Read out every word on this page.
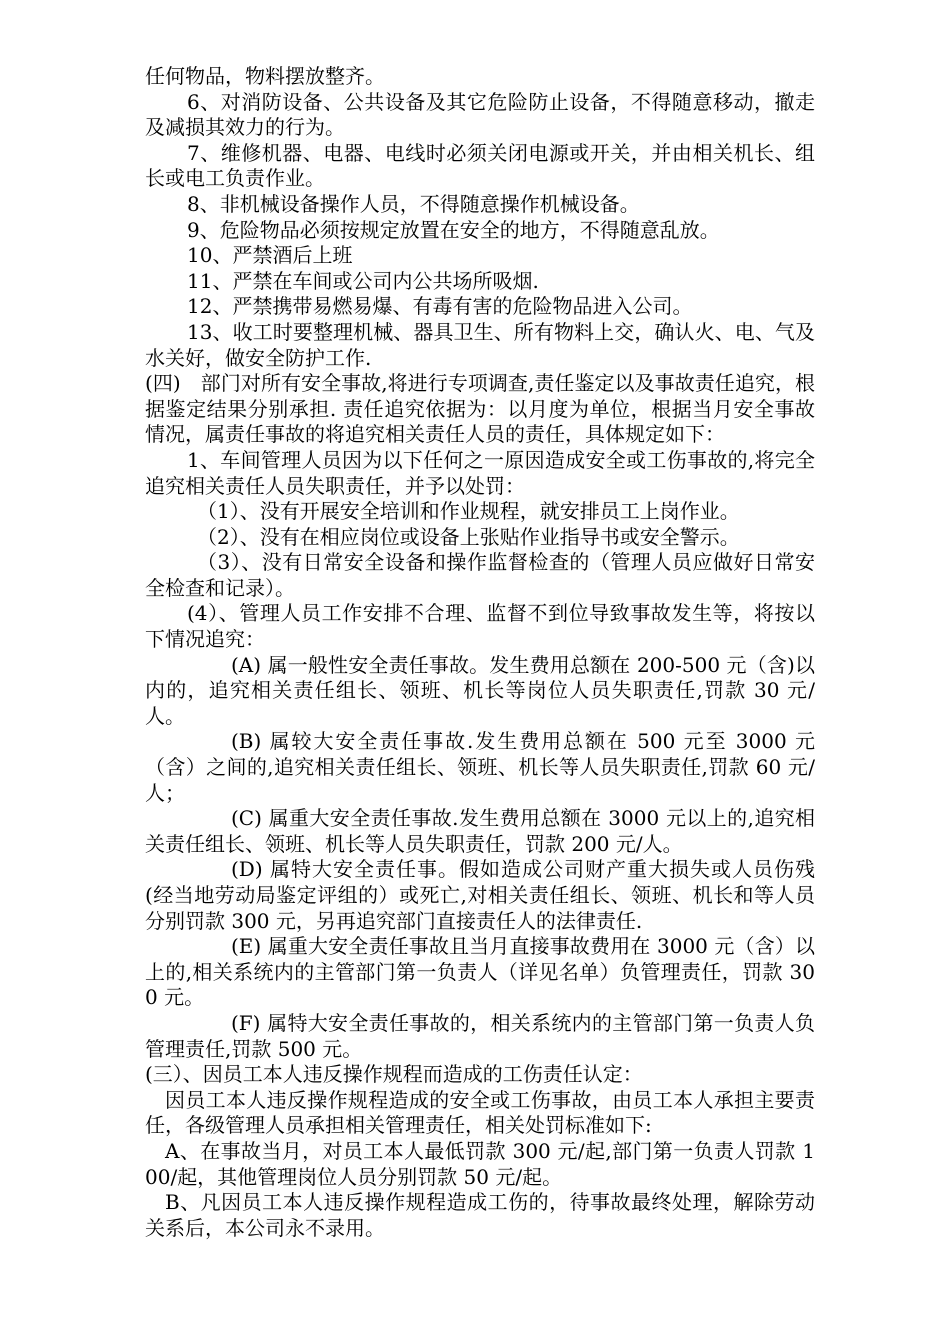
任何物品，物料摆放整齐。

6、对消防设备、公共设备及其它危险防止设备，不得随意移动，撤走及减损其效力的行为。

7、维修机器、电器、电线时必须关闭电源或开关，并由相关机长、组长或电工负责作业。

8、非机械设备操作人员，不得随意操作机械设备。

9、危险物品必须按规定放置在安全的地方，不得随意乱放。

10、严禁酒后上班

11、严禁在车间或公司内公共场所吸烟.

12、严禁携带易燃易爆、有毒有害的危险物品进入公司。

13、收工时要整理机械、器具卫生、所有物料上交，确认火、电、气及水关好，做安全防护工作.

(四)　部门对所有安全事故,将进行专项调查,责任鉴定以及事故责任追究，根据鉴定结果分别承担. 责任追究依据为：以月度为单位，根据当月安全事故情况，属责任事故的将追究相关责任人员的责任，具体规定如下：

1、车间管理人员因为以下任何之一原因造成安全或工伤事故的,将完全追究相关责任人员失职责任，并予以处罚：

（1）、没有开展安全培训和作业规程，就安排员工上岗作业。

（2）、没有在相应岗位或设备上张贴作业指导书或安全警示。

（3）、没有日常安全设备和操作监督检查的（管理人员应做好日常安全检查和记录）。

(4）、管理人员工作安排不合理、监督不到位导致事故发生等，将按以下情况追究：

(A) 属一般性安全责任事故。发生费用总额在 200-500 元（含)以内的，追究相关责任组长、领班、机长等岗位人员失职责任,罚款 30 元/人。

(B) 属较大安全责任事故.发生费用总额在 500 元至 3000 元（含）之间的,追究相关责任组长、领班、机长等人员失职责任,罚款 60 元/人；

(C) 属重大安全责任事故.发生费用总额在 3000 元以上的,追究相关责任组长、领班、机长等人员失职责任，罚款 200 元/人。

(D) 属特大安全责任事。假如造成公司财产重大损失或人员伤残(经当地劳动局鉴定评组的）或死亡,对相关责任组长、领班、机长和等人员分别罚款 300 元，另再追究部门直接责任人的法律责任.

(E) 属重大安全责任事故且当月直接事故费用在 3000 元（含）以上的,相关系统内的主管部门第一负责人（详见名单）负管理责任，罚款 300 元。

(F) 属特大安全责任事故的，相关系统内的主管部门第一负责人负管理责任,罚款 500 元。

(三）、因员工本人违反操作规程而造成的工伤责任认定：

因员工本人违反操作规程造成的安全或工伤事故，由员工本人承担主要责任，各级管理人员承担相关管理责任，相关处罚标准如下:

A、在事故当月，对员工本人最低罚款 300 元/起,部门第一负责人罚款 100/起，其他管理岗位人员分别罚款 50 元/起。

B、凡因员工本人违反操作规程造成工伤的，待事故最终处理，解除劳动关系后，本公司永不录用。
